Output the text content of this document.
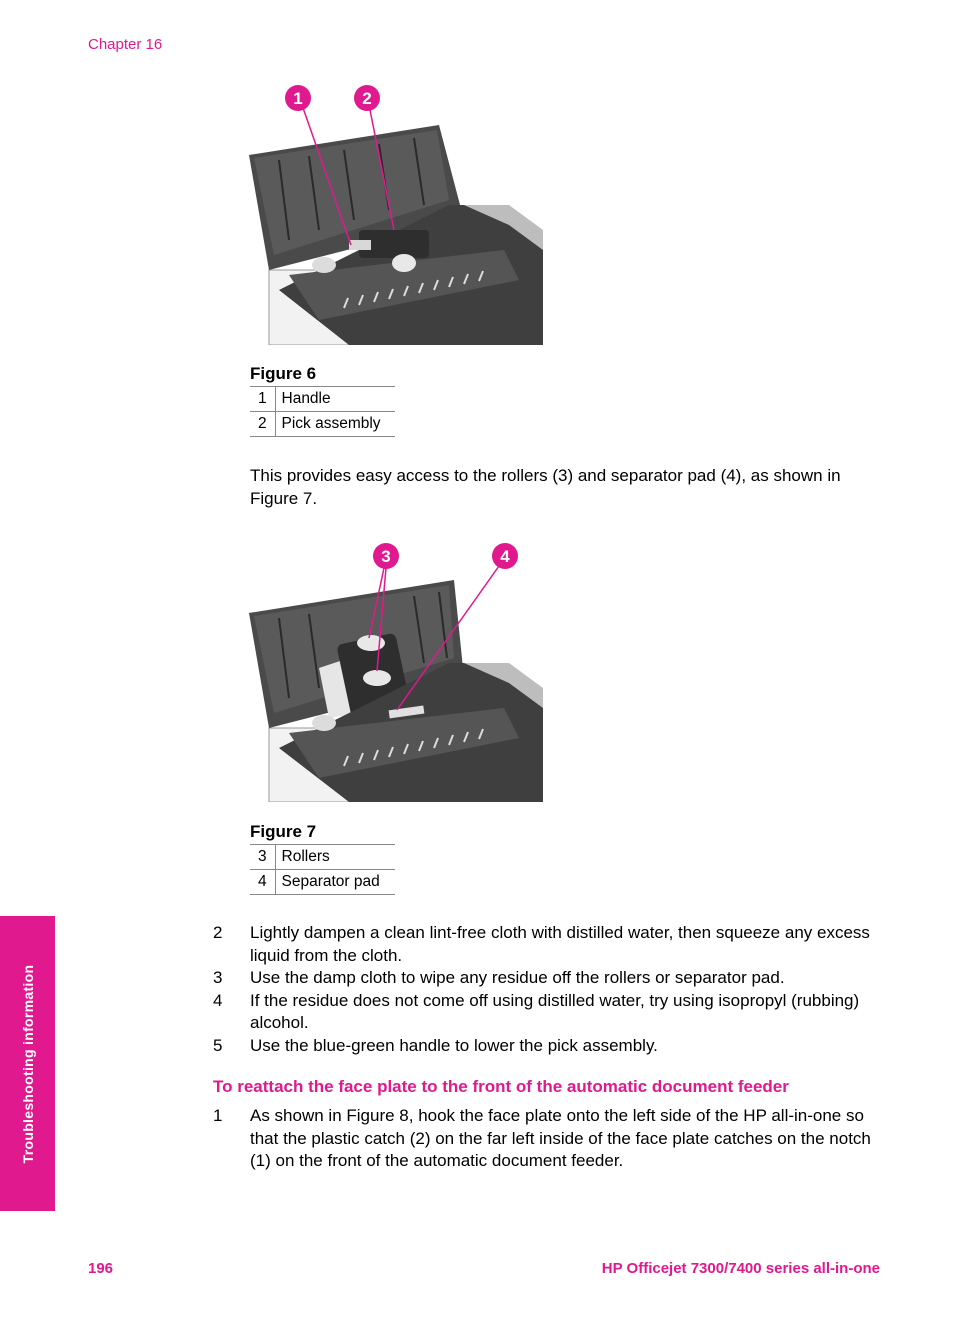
Chapter 16
1	2
Figure 6
1	Handle
2	Pick assembly
This provides easy access to the rollers (3) and separator pad (4), as shown in Figure 7.
3	4
Figure 7
3	Rollers
4	Separator pad
2	Lightly dampen a clean lint-free cloth with distilled water, then squeeze any excess liquid from the cloth.
3	Use the damp cloth to wipe any residue off the rollers or separator pad.
4	If the residue does not come off using distilled water, try using isopropyl (rubbing) alcohol.
5	Use the blue-green handle to lower the pick assembly.
To reattach the face plate to the front of the automatic document feeder
1	As shown in Figure 8, hook the face plate onto the left side of the HP all-in-one so that the plastic catch (2) on the far left inside of the face plate catches on the notch (1) on the front of the automatic document feeder.
Troubleshooting information
196	HP Officejet 7300/7400 series all-in-one
